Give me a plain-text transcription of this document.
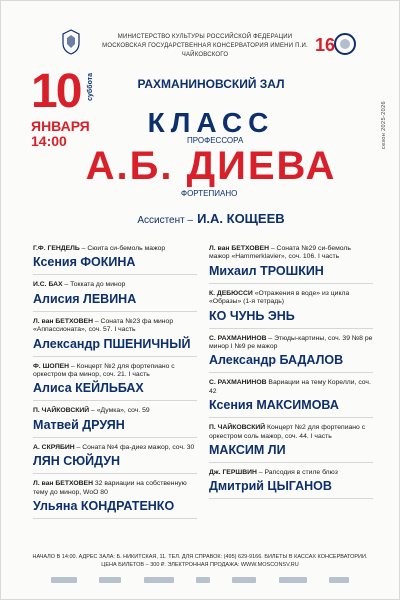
МИНИСТЕРСТВО КУЛЬТУРЫ РОССИЙСКОЙ ФЕДЕРАЦИИ
МОСКОВСКАЯ ГОСУДАРСТВЕННАЯ КОНСЕРВАТОРИЯ ИМЕНИ П.И. ЧАЙКОВСКОГО	16
сезон 2025-2026
10 суббота
ЯНВАРЯ
14:00
РАХМАНИНОВСКИЙ ЗАЛ
КЛАСС
ПРОФЕССОРА
А.Б. ДИЕВА
ФОРТЕПИАНО
Ассистент – И.А. КОЩЕЕВ
Г.Ф. ГЕНДЕЛЬ – Сюита си-бемоль мажор
Ксения ФОКИНА
И.С. БАХ – Токката до минор
Алисия ЛЕВИНА
Л. ван БЕТХОВЕН – Соната №23 фа минор «Аппассионата», соч. 57. I часть
Александр ПШЕНИЧНЫЙ
Ф. ШОПЕН – Концерт №2 для фортепиано с оркестром фа минор, соч. 21. I часть
Алиса КЕЙЛЬБАХ
П. ЧАЙКОВСКИЙ – «Думка», соч. 59
Матвей ДРУЯН
А. СКРЯБИН – Соната №4 фа-диез мажор, соч. 30
ЛЯН СЮЙДУН
Л. ван БЕТХОВЕН 32 вариации на собственную тему до минор, WoO 80
Ульяна КОНДРАТЕНКО
Л. ван БЕТХОВЕН – Соната №29 си-бемоль мажор «Hammerklavier», соч. 106. I часть
Михаил ТРОШКИН
К. ДЕБЮССИ «Отражения в воде» из цикла «Образы» (1-я тетрадь)
КО ЧУНЬ ЭНЬ
С. РАХМАНИНОВ – Этюды-картины, соч. 39 №8 ре минор I №9 ре мажор
Александр БАДАЛОВ
С. РАХМАНИНОВ Вариации на тему Корелли, соч. 42
Ксения МАКСИМОВА
П. ЧАЙКОВСКИЙ Концерт №2 для фортепиано с оркестром соль мажор, соч. 44. I часть
МАКСИМ ЛИ
Дж. ГЕРШВИН – Рапсодия в стиле блюз
Дмитрий ЦЫГАНОВ
НАЧАЛО В 14:00. АДРЕС ЗАЛА: Б. НИКИТСКАЯ, 11. ТЕЛ. ДЛЯ СПРАВОК: (495) 629-9166. БИЛЕТЫ В КАССАХ КОНСЕРВАТОРИИ.
ЦЕНА БИЛЕТОВ – 300 ₽. ЭЛЕКТРОННАЯ ПРОДАЖА: WWW.MOSCONSV.RU
